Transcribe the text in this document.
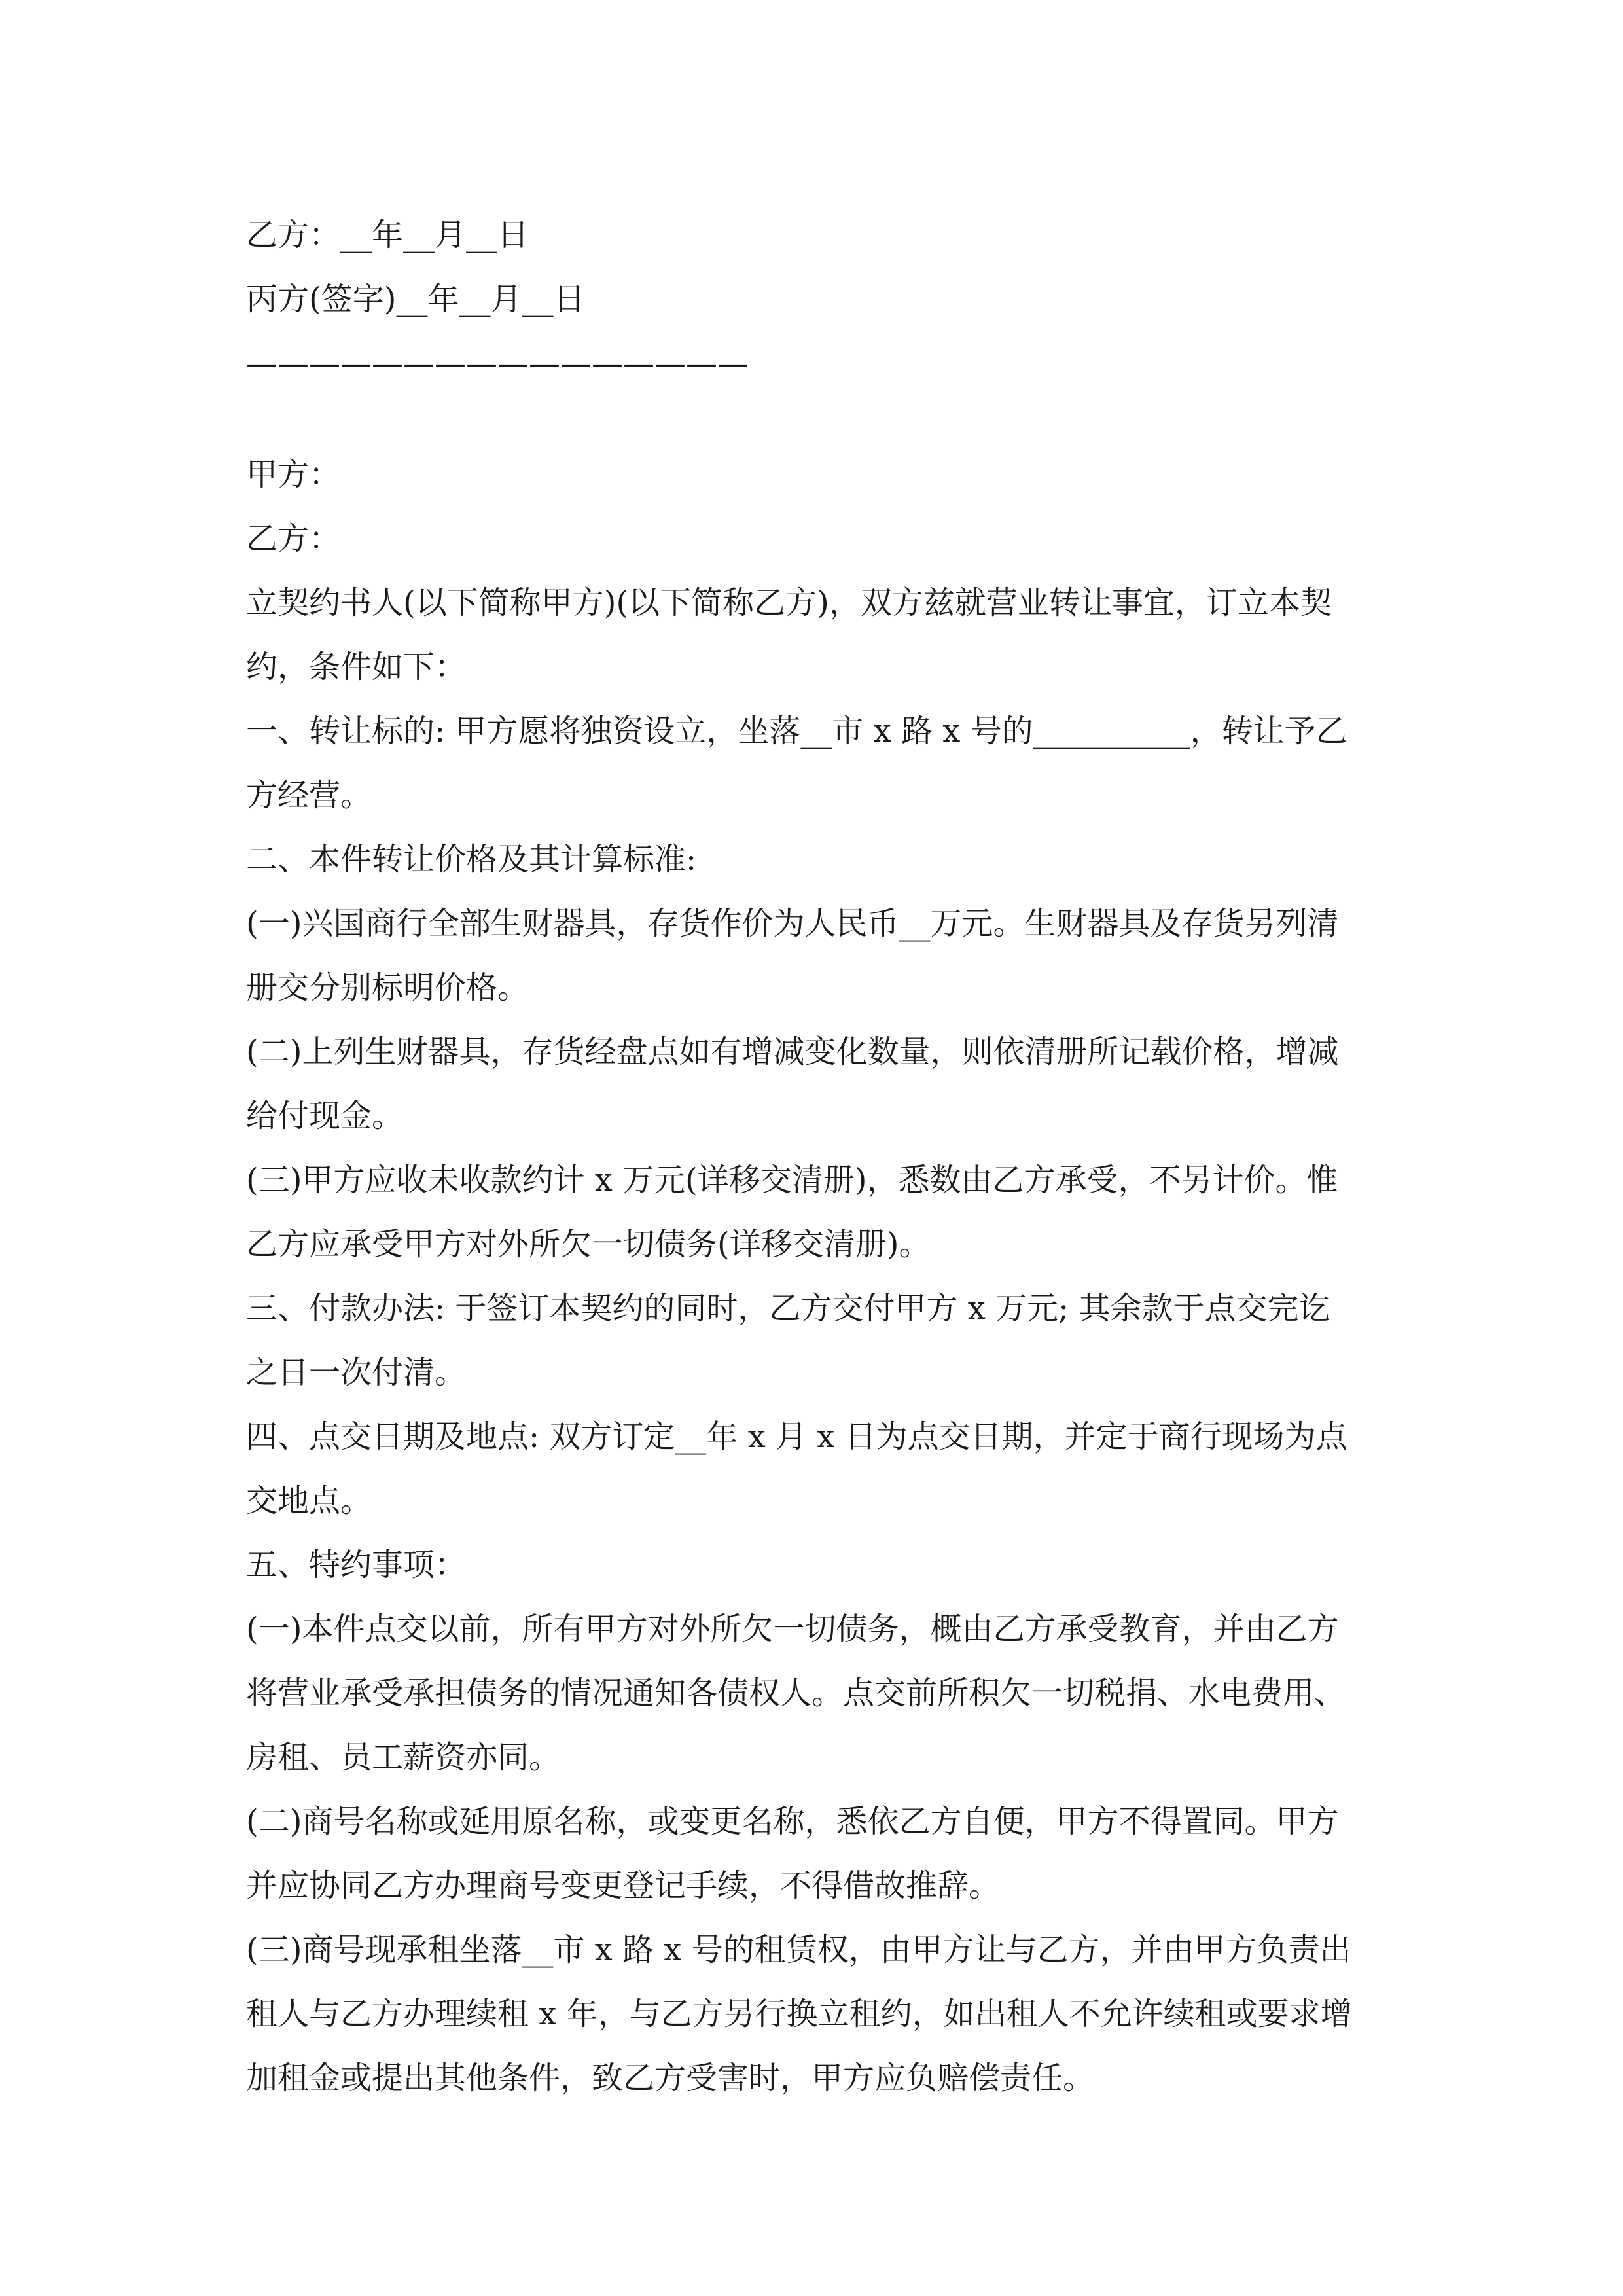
乙方：__年__月__日
丙方(签字)__年__月__日
————————————————
甲方：
乙方：
立契约书人(以下简称甲方)(以下简称乙方)，双方兹就营业转让事宜，订立本契
约，条件如下：
一、转让标的: 甲方愿将独资设立，坐落__市 x 路 x 号的__________，转让予乙
方经营。
二、本件转让价格及其计算标准:
(一)兴国商行全部生财器具，存货作价为人民币__万元。生财器具及存货另列清
册交分别标明价格。
(二)上列生财器具，存货经盘点如有增减变化数量，则依清册所记载价格，增减
给付现金。
(三)甲方应收未收款约计 x 万元(详移交清册)，悉数由乙方承受，不另计价。惟
乙方应承受甲方对外所欠一切债务(详移交清册)。
三、付款办法: 于签订本契约的同时，乙方交付甲方 x 万元; 其余款于点交完讫
之日一次付清。
四、点交日期及地点: 双方订定__年 x 月 x 日为点交日期，并定于商行现场为点
交地点。
五、特约事项：
(一)本件点交以前，所有甲方对外所欠一切债务，概由乙方承受教育，并由乙方
将营业承受承担债务的情况通知各债权人。点交前所积欠一切税捐、水电费用、
房租、员工薪资亦同。
(二)商号名称或延用原名称，或变更名称，悉依乙方自便，甲方不得置同。甲方
并应协同乙方办理商号变更登记手续，不得借故推辞。
(三)商号现承租坐落__市 x 路 x 号的租赁权，由甲方让与乙方，并由甲方负责出
租人与乙方办理续租 x 年，与乙方另行换立租约，如出租人不允许续租或要求增
加租金或提出其他条件，致乙方受害时，甲方应负赔偿责任。
